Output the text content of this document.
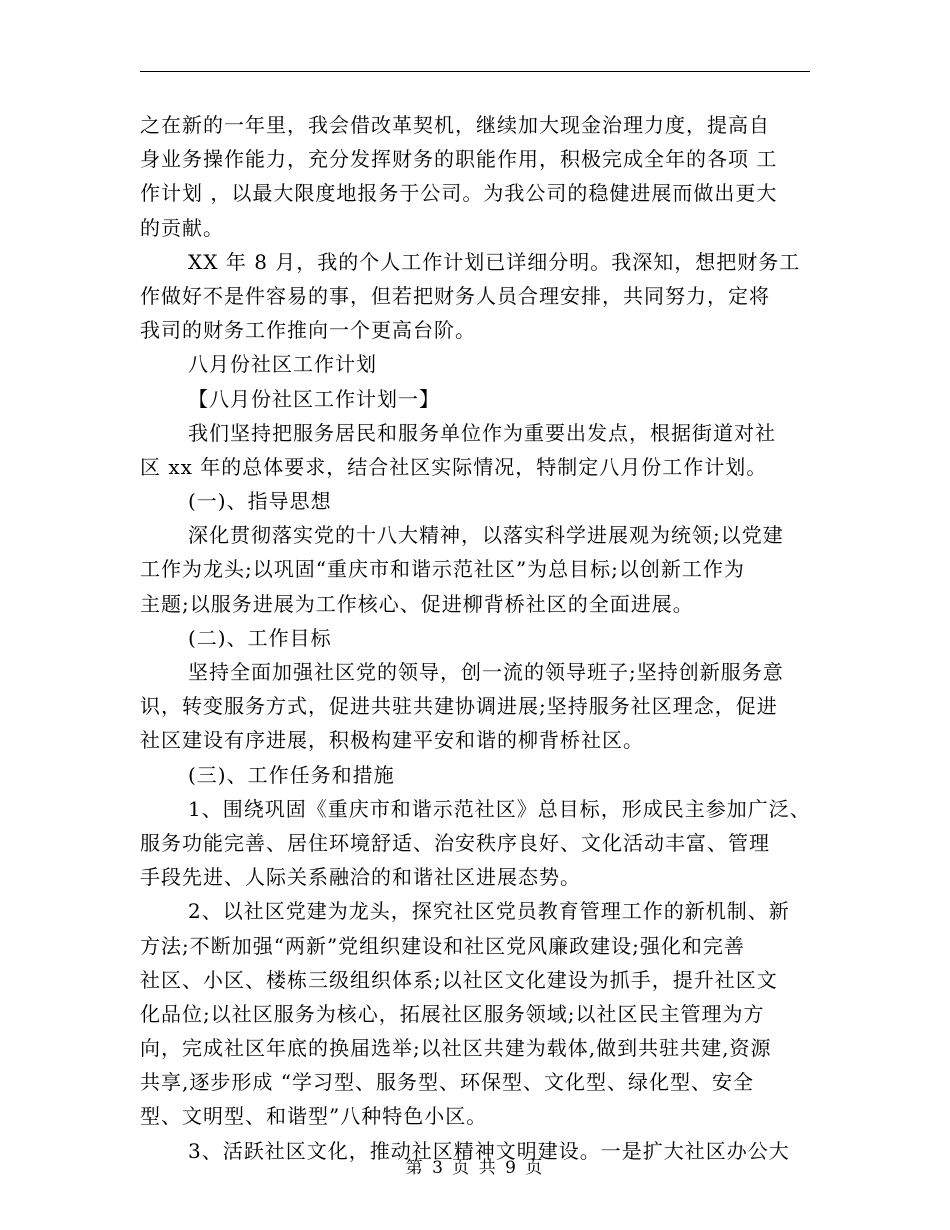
之在新的一年里，我会借改革契机，继续加大现金治理力度，提高自
身业务操作能力，充分发挥财务的职能作用，积极完成全年的各项 工
作计划 ，以最大限度地报务于公司。为我公司的稳健进展而做出更大
的贡献。
XX 年 8 月，我的个人工作计划已详细分明。我深知，想把财务工
作做好不是件容易的事，但若把财务人员合理安排，共同努力，定将
我司的财务工作推向一个更高台阶。
八月份社区工作计划
【八月份社区工作计划一】
我们坚持把服务居民和服务单位作为重要出发点，根据街道对社
区 xx 年的总体要求，结合社区实际情况，特制定八月份工作计划。
(一)、指导思想
深化贯彻落实党的十八大精神，以落实科学进展观为统领;以党建
工作为龙头;以巩固“重庆市和谐示范社区”为总目标;以创新工作为
主题;以服务进展为工作核心、促进柳背桥社区的全面进展。
(二)、工作目标
坚持全面加强社区党的领导，创一流的领导班子;坚持创新服务意
识，转变服务方式，促进共驻共建协调进展;坚持服务社区理念，促进
社区建设有序进展，积极构建平安和谐的柳背桥社区。
(三)、工作任务和措施
1、围绕巩固《重庆市和谐示范社区》总目标，形成民主参加广泛、
服务功能完善、居住环境舒适、治安秩序良好、文化活动丰富、管理
手段先进、人际关系融洽的和谐社区进展态势。
2、以社区党建为龙头，探究社区党员教育管理工作的新机制、新
方法;不断加强“两新”党组织建设和社区党风廉政建设;强化和完善
社区、小区、楼栋三级组织体系;以社区文化建设为抓手，提升社区文
化品位;以社区服务为核心，拓展社区服务领域;以社区民主管理为方
向，完成社区年底的换届选举;以社区共建为载体,做到共驻共建,资源
共享,逐步形成 “学习型、服务型、环保型、文化型、绿化型、安全
型、文明型、和谐型”八种特色小区。
3、活跃社区文化，推动社区精神文明建设。一是扩大社区办公大
第 3 页 共 9 页
